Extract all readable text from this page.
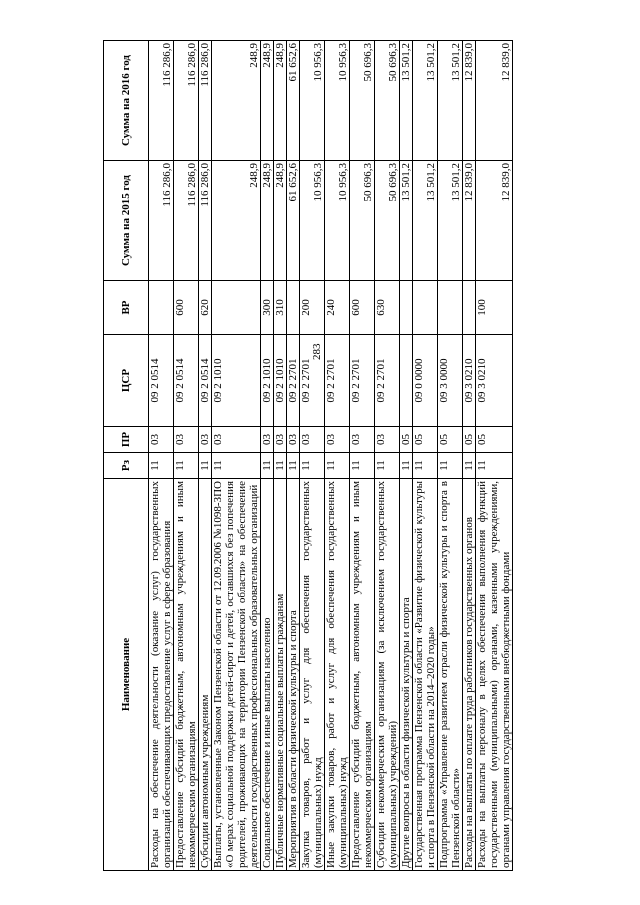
283
Наименование	Рз	ПР	ЦСР	ВР	Сумма на 2015 год	Сумма на 2016 год
Расходы на обеспечение деятельности (оказание услуг) государственных организаций обеспечивающих предоставление услуг в сфере образования	11	03	09 2 0514		116 286,0	116 286,0
Предоставление субсидий бюджетным, автономным учреждениям и иным некоммерческим организациям	11	03	09 2 0514	600	116 286,0	116 286,0
Субсидии автономным учреждениям	11	03	09 2 0514	620	116 286,0	116 286,0
Выплаты, установленные Законом Пензенской области от 12.09.2006 №1098-ЗПО «О мерах социальной поддержки детей-сирот и детей, оставшихся без попечения родителей, проживающих на территории Пензенской области» на обеспечение деятельности государственных профессиональных образовательных организаций	11	03	09 2 1010		248,9	248,9
Социальное обеспечение и иные выплаты населению	11	03	09 2 1010	300	248,9	248,9
Публичные нормативные социальные выплаты гражданам	11	03	09 2 1010	310	248,9	248,9
Мероприятия в области физической культуры и спорта	11	03	09 2 2701		61 652,6	61 652,6
Закупка товаров, работ и услуг для обеспечения государственных (муниципальных) нужд	11	03	09 2 2701	200	10 956,3	10 956,3
Иные закупки товаров, работ и услуг для обеспечения государственных (муниципальных) нужд	11	03	09 2 2701	240	10 956,3	10 956,3
Предоставление субсидий бюджетным, автономным учреждениям и иным некоммерческим организациям	11	03	09 2 2701	600	50 696,3	50 696,3
Субсидии некоммерческим организациям (за исключением государственных (муниципальных) учреждений)	11	03	09 2 2701	630	50 696,3	50 696,3
Другие вопросы в области физической культуры и спорта	11	05			13 501,2	13 501,2
Государственная программа Пензенской области «Развитие физической культуры и спорта в Пензенской области на 2014–2020 годы»	11	05	09 0 0000		13 501,2	13 501,2
Подпрограмма «Управление развитием отрасли физической культуры и спорта в Пензенской области»	11	05	09 3 0000		13 501,2	13 501,2
Расходы на выплаты по оплате труда работников государственных органов	11	05	09 3 0210		12 839,0	12 839,0
Расходы на выплаты персоналу в целях обеспечения выполнения функций государственными (муниципальными) органами, казенными учреждениями, органами управления государственными внебюджетными фондами	11	05	09 3 0210	100	12 839,0	12 839,0
